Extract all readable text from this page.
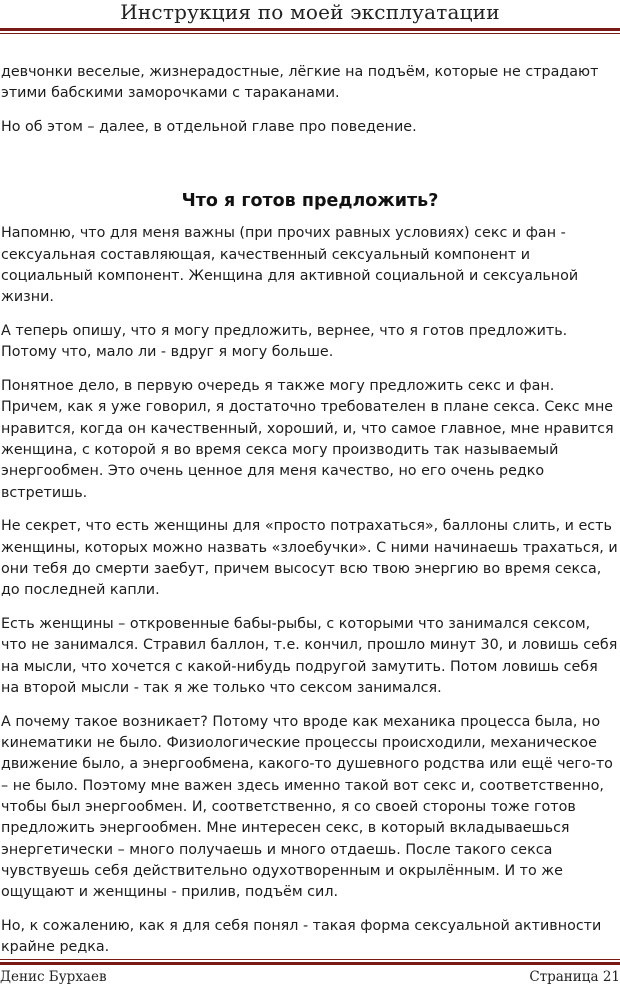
Инструкция по моей эксплуатации

девчонки веселые, жизнерадостные, лёгкие на подъём, которые не страдают этими бабскими заморочками с тараканами.

Но об этом – далее, в отдельной главе про поведение.

Что я готов предложить?

Напомню, что для меня важны (при прочих равных условиях) секс и фан - сексуальная составляющая, качественный сексуальный компонент и социальный компонент. Женщина для активной социальной и сексуальной жизни.

А теперь опишу, что я могу предложить, вернее, что я готов предложить. Потому что, мало ли - вдруг я могу больше.

Понятное дело, в первую очередь я также могу предложить секс и фан. Причем, как я уже говорил, я достаточно требователен в плане секса. Секс мне нравится, когда он качественный, хороший, и, что самое главное, мне нравится женщина, с которой я во время секса могу производить так называемый энергообмен. Это очень ценное для меня качество, но его очень редко встретишь.

Не секрет, что есть женщины для «просто потрахаться», баллоны слить, и есть женщины, которых можно назвать «злоебучки». С ними начинаешь трахаться, и они тебя до смерти заебут, причем высосут всю твою энергию во время секса, до последней капли.

Есть женщины – откровенные бабы-рыбы, с которыми что занимался сексом, что не занимался. Стравил баллон, т.е. кончил, прошло минут 30, и ловишь себя на мысли, что хочется с какой-нибудь подругой замутить. Потом ловишь себя на второй мысли - так я же только что сексом занимался.

А почему такое возникает? Потому что вроде как механика процесса была, но кинематики не было. Физиологические процессы происходили, механическое движение было, а энергообмена, какого-то душевного родства или ещё чего-то – не было. Поэтому мне важен здесь именно такой вот секс и, соответственно, чтобы был энергообмен. И, соответственно, я со своей стороны тоже готов предложить энергообмен. Мне интересен секс, в который вкладываешься энергетически – много получаешь и много отдаешь. После такого секса чувствуешь себя действительно одухотворенным и окрылённым. И то же ощущают и женщины - прилив, подъём сил.

Но, к сожалению, как я для себя понял - такая форма сексуальной активности крайне редка.

Денис Бурхаев	Страница 21
